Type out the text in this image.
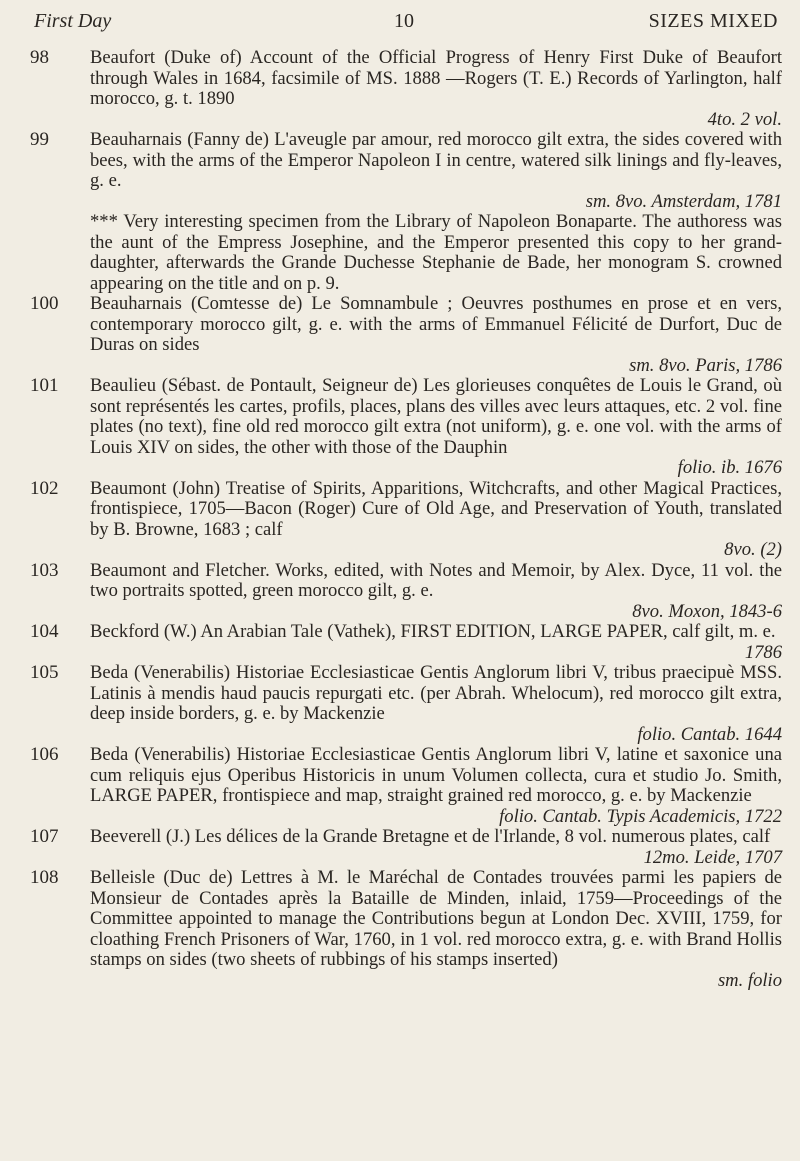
First Day	10	SIZES MIXED
98	Beaufort (Duke of) Account of the Official Progress of Henry First Duke of Beaufort through Wales in 1684, facsimile of MS. 1888 —Rogers (T. E.) Records of Yarlington, half morocco, g. t. 1890
4to. 2 vol.
99	Beauharnais (Fanny de) L'aveugle par amour, red morocco gilt extra, the sides covered with bees, with the arms of the Emperor Napoleon I in centre, watered silk linings and fly-leaves, g. e.
sm. 8vo. Amsterdam, 1781
*** Very interesting specimen from the Library of Napoleon Bonaparte. The authoress was the aunt of the Empress Josephine, and the Emperor presented this copy to her grand-daughter, afterwards the Grande Duchesse Stephanie de Bade, her monogram S. crowned appearing on the title and on p. 9.
100	Beauharnais (Comtesse de) Le Somnambule ; Oeuvres posthumes en prose et en vers, contemporary morocco gilt, g. e. with the arms of Emmanuel Félicité de Durfort, Duc de Duras on sides
sm. 8vo. Paris, 1786
101	Beaulieu (Sébast. de Pontault, Seigneur de) Les glorieuses conquêtes de Louis le Grand, où sont représentés les cartes, profils, places, plans des villes avec leurs attaques, etc. 2 vol. fine plates (no text), fine old red morocco gilt extra (not uniform), g. e. one vol. with the arms of Louis XIV on sides, the other with those of the Dauphin
folio. ib. 1676
102	Beaumont (John) Treatise of Spirits, Apparitions, Witchcrafts, and other Magical Practices, frontispiece, 1705—Bacon (Roger) Cure of Old Age, and Preservation of Youth, translated by B. Browne, 1683 ; calf
8vo. (2)
103	Beaumont and Fletcher. Works, edited, with Notes and Memoir, by Alex. Dyce, 11 vol. the two portraits spotted, green morocco gilt, g. e.
8vo. Moxon, 1843-6
104	Beckford (W.) An Arabian Tale (Vathek), FIRST EDITION, LARGE PAPER, calf gilt, m. e.
1786
105	Beda (Venerabilis) Historiae Ecclesiasticae Gentis Anglorum libri V, tribus praecipuè MSS. Latinis à mendis haud paucis repurgati etc. (per Abrah. Whelocum), red morocco gilt extra, deep inside borders, g. e. by Mackenzie
folio. Cantab. 1644
106	Beda (Venerabilis) Historiae Ecclesiasticae Gentis Anglorum libri V, latine et saxonice una cum reliquis ejus Operibus Historicis in unum Volumen collecta, cura et studio Jo. Smith, LARGE PAPER, frontispiece and map, straight grained red morocco, g. e. by Mackenzie
folio. Cantab. Typis Academicis, 1722
107	Beeverell (J.) Les délices de la Grande Bretagne et de l'Irlande, 8 vol. numerous plates, calf
12mo. Leide, 1707
108	Belleisle (Duc de) Lettres à M. le Maréchal de Contades trouvées parmi les papiers de Monsieur de Contades après la Bataille de Minden, inlaid, 1759—Proceedings of the Committee appointed to manage the Contributions begun at London Dec. XVIII, 1759, for cloathing French Prisoners of War, 1760, in 1 vol. red morocco extra, g. e. with Brand Hollis stamps on sides (two sheets of rubbings of his stamps inserted)
sm. folio
